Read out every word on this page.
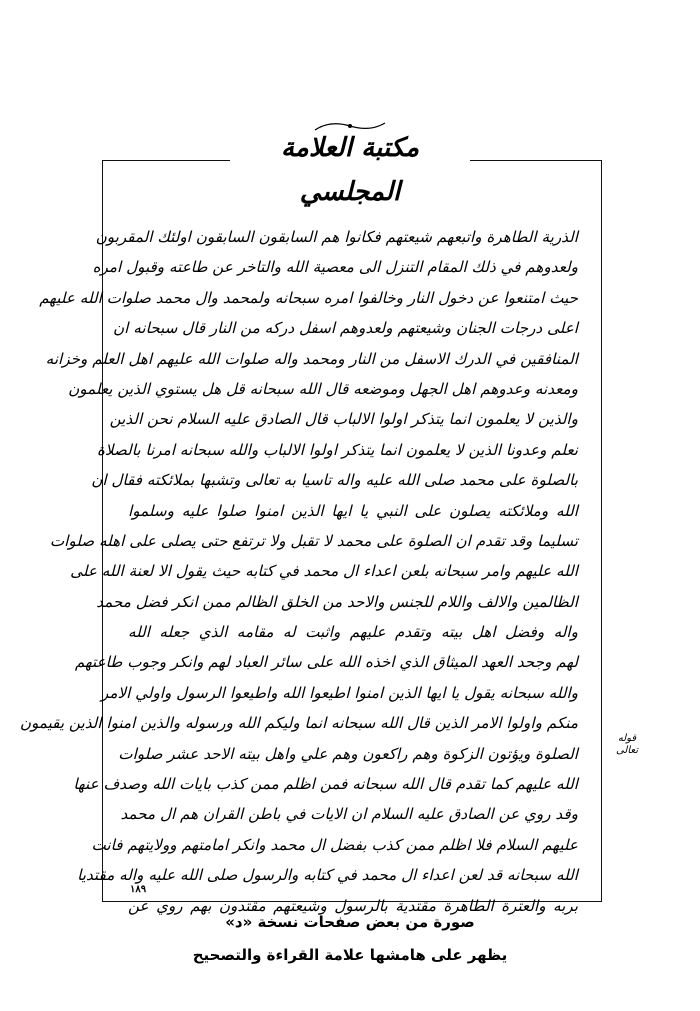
مكتبة العلامة المجلسي
الذرية الطاهرة واتبعهم شيعتهم فكانوا هم السابقون السابقون اولئك المقربون
ولعدوهم في ذلك المقام التنزل الى معصية الله والتاخر عن طاعته وقبول امره
حيث امتنعوا عن دخول النار وخالفوا امره سبحانه ولمحمد وال محمد صلوات الله عليهم
اعلى درجات الجنان وشيعتهم ولعدوهم اسفل دركه من النار قال سبحانه ان
المنافقين في الدرك الاسفل من النار ومحمد واله صلوات الله عليهم اهل العلم وخزانه
ومعدنه وعدوهم اهل الجهل وموضعه قال الله سبحانه قل هل يستوي الذين يعلمون
والذين لا يعلمون انما يتذكر اولوا الالباب قال الصادق عليه السلام نحن الذين
نعلم وعدونا الذين لا يعلمون انما يتذكر اولوا الالباب والله سبحانه امرنا بالصلاة
بالصلوة على محمد صلى الله عليه واله تاسيا به تعالى وتشبها بملائكته فقال ان
الله وملائكته يصلون على النبي يا ايها الذين امنوا صلوا عليه وسلموا
تسليما وقد تقدم ان الصلوة على محمد لا تقبل ولا ترتفع حتى يصلى على اهله صلوات
الله عليهم وامر سبحانه بلعن اعداء ال محمد في كتابه حيث يقول الا لعنة الله على
الظالمين والالف واللام للجنس والاحد من الخلق الظالم ممن انكر فضل محمد
واله وفضل اهل بيته وتقدم عليهم واثبت له مقامه الذي جعله الله
لهم وجحد العهد الميثاق الذي اخذه الله على سائر العباد لهم وانكر وجوب طاعتهم
والله سبحانه يقول يا ايها الذين امنوا اطيعوا الله واطيعوا الرسول واولي الامر
منكم واولوا الامر الذين قال الله سبحانه انما وليكم الله ورسوله والذين امنوا الذين يقيمون
الصلوة ويؤتون الزكوة وهم راكعون وهم علي واهل بيته الاحد عشر صلوات
الله عليهم كما تقدم قال الله سبحانه فمن اظلم ممن كذب بايات الله وصدف عنها
وقد روي عن الصادق عليه السلام ان الايات في باطن القران هم ال محمد
عليهم السلام فلا اظلم ممن كذب بفضل ال محمد وانكر امامتهم وولايتهم فانت
الله سبحانه قد لعن اعداء ال محمد في كتابه والرسول صلى الله عليه واله مقتديا
بربه والعترة الطاهرة مقتدية بالرسول وشيعتهم مقتدون بهم روي عن
قوله تعالى
١٨٩
صورة من بعض صفحات نسخة «د»
يظهر على هامشها علامة القراءة والتصحيح
